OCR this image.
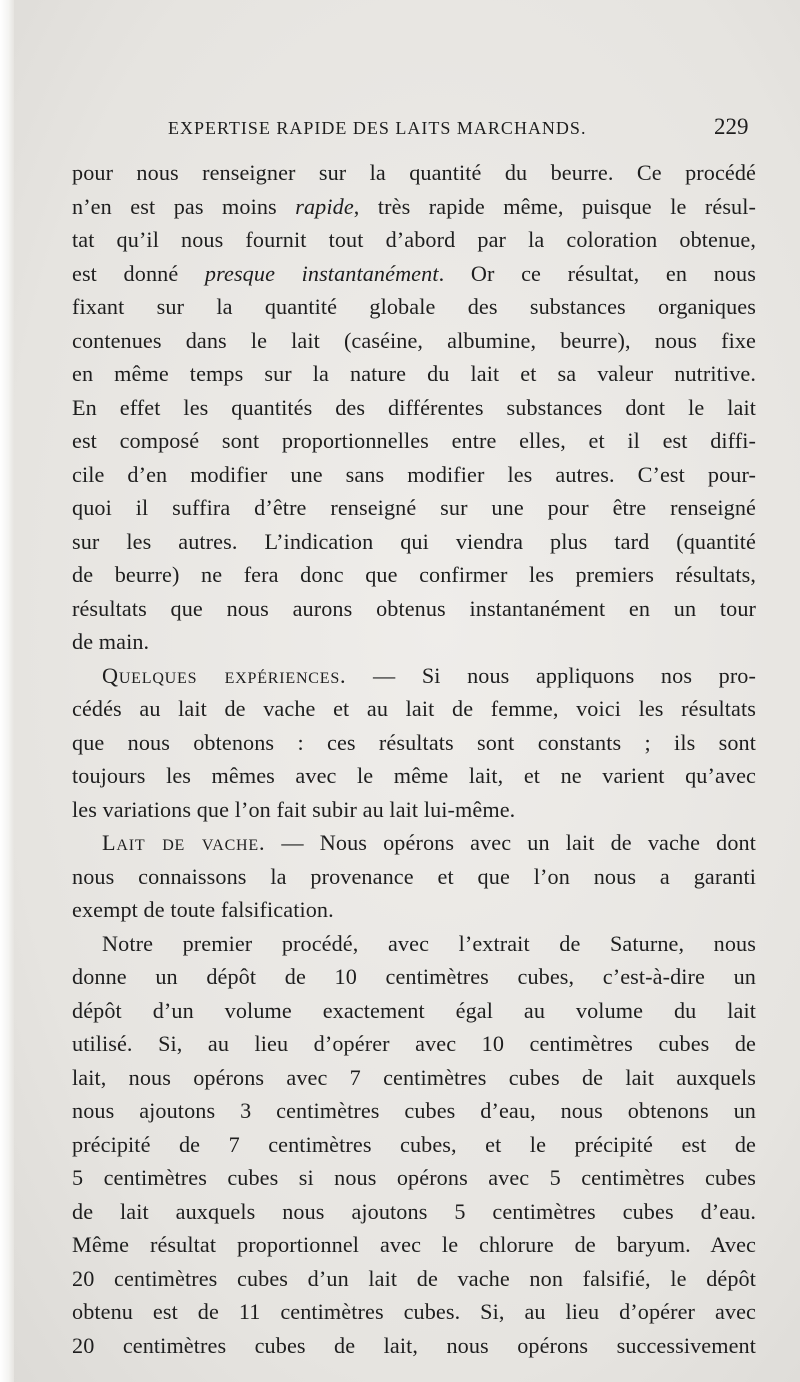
EXPERTISE RAPIDE DES LAITS MARCHANDS.	229
pour nous renseigner sur la quantité du beurre. Ce procédé
n’en est pas moins rapide, très rapide même, puisque le résul-
tat qu’il nous fournit tout d’abord par la coloration obtenue,
est donné presque instantanément. Or ce résultat, en nous
fixant sur la quantité globale des substances organiques
contenues dans le lait (caséine, albumine, beurre), nous fixe
en même temps sur la nature du lait et sa valeur nutritive.
En effet les quantités des différentes substances dont le lait
est composé sont proportionnelles entre elles, et il est diffi-
cile d’en modifier une sans modifier les autres. C’est pour-
quoi il suffira d’être renseigné sur une pour être renseigné
sur les autres. L’indication qui viendra plus tard (quantité
de beurre) ne fera donc que confirmer les premiers résultats,
résultats que nous aurons obtenus instantanément en un tour
de main.
Quelques expériences. — Si nous appliquons nos pro-
cédés au lait de vache et au lait de femme, voici les résultats
que nous obtenons : ces résultats sont constants ; ils sont
toujours les mêmes avec le même lait, et ne varient qu’avec
les variations que l’on fait subir au lait lui-même.
Lait de vache. — Nous opérons avec un lait de vache dont
nous connaissons la provenance et que l’on nous a garanti
exempt de toute falsification.
Notre premier procédé, avec l’extrait de Saturne, nous
donne un dépôt de 10 centimètres cubes, c’est-à-dire un
dépôt d’un volume exactement égal au volume du lait
utilisé. Si, au lieu d’opérer avec 10 centimètres cubes de
lait, nous opérons avec 7 centimètres cubes de lait auxquels
nous ajoutons 3 centimètres cubes d’eau, nous obtenons un
précipité de 7 centimètres cubes, et le précipité est de
5 centimètres cubes si nous opérons avec 5 centimètres cubes
de lait auxquels nous ajoutons 5 centimètres cubes d’eau.
Même résultat proportionnel avec le chlorure de baryum. Avec
20 centimètres cubes d’un lait de vache non falsifié, le dépôt
obtenu est de 11 centimètres cubes. Si, au lieu d’opérer avec
20 centimètres cubes de lait, nous opérons successivement
